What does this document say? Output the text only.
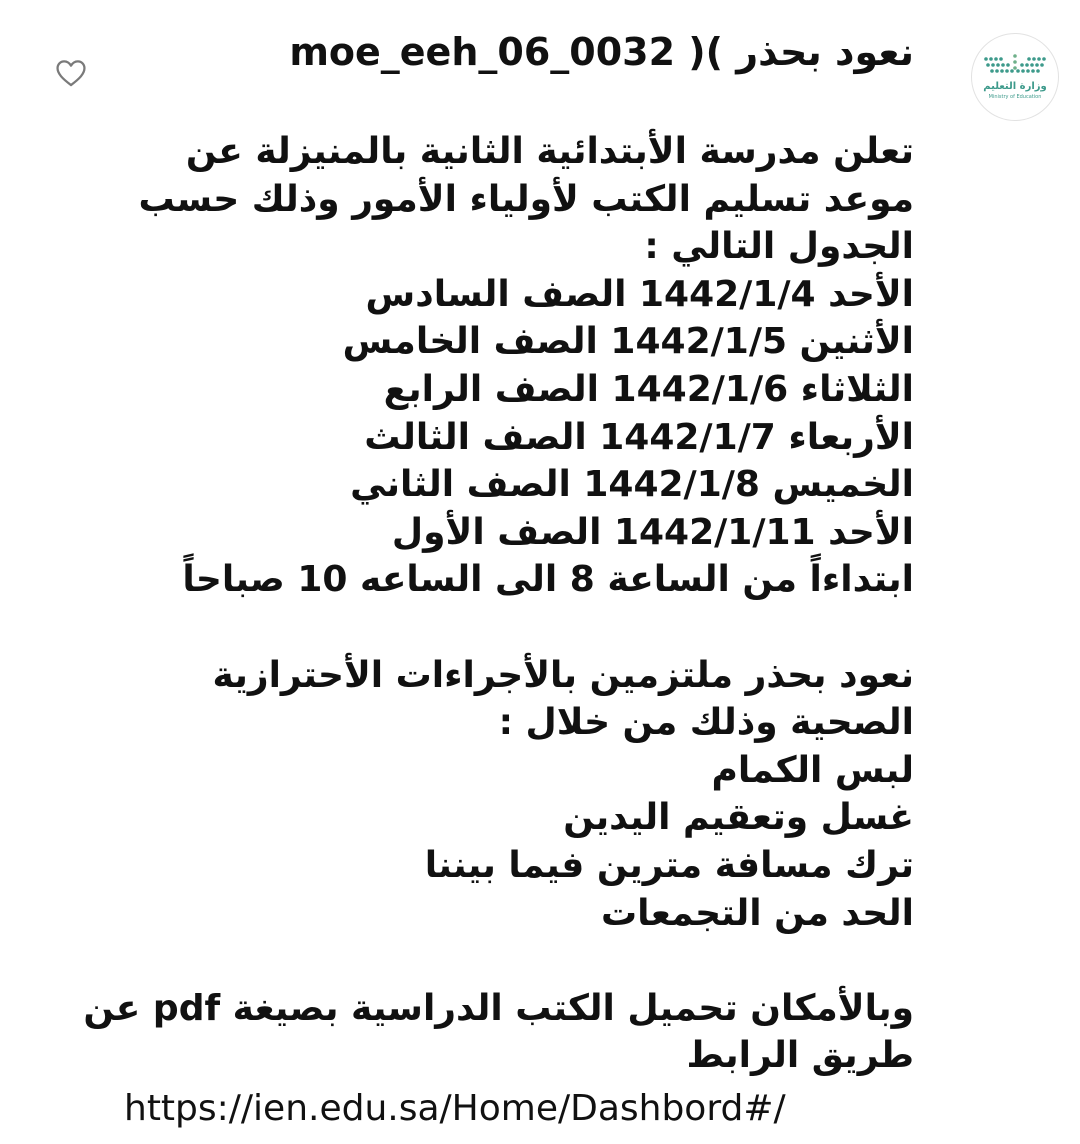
وزارة التعليم
Ministry of Education
moe_eeh_06_0032 )( نعود بحذر
تعلن مدرسة الأبتدائية الثانية بالمنيزلة عن
موعد تسليم الكتب لأولياء الأمور وذلك حسب
الجدول التالي :
الأحد 1442/1/4 الصف السادس
الأثنين 1442/1/5 الصف الخامس
الثلاثاء 1442/1/6 الصف الرابع
الأربعاء 1442/1/7 الصف الثالث
الخميس 1442/1/8 الصف الثاني
الأحد 1442/1/11 الصف الأول
ابتداءاً من الساعة 8 الى الساعه 10 صباحاً
نعود بحذر ملتزمين بالأجراءات الأحترازية
الصحية وذلك من خلال :
لبس الكمام
غسل وتعقيم اليدين
ترك مسافة مترين فيما بيننا
الحد من التجمعات
وبالأمكان تحميل الكتب الدراسية بصيغة pdf عن
طريق الرابط
https://ien.edu.sa/Home/Dashbord#/
